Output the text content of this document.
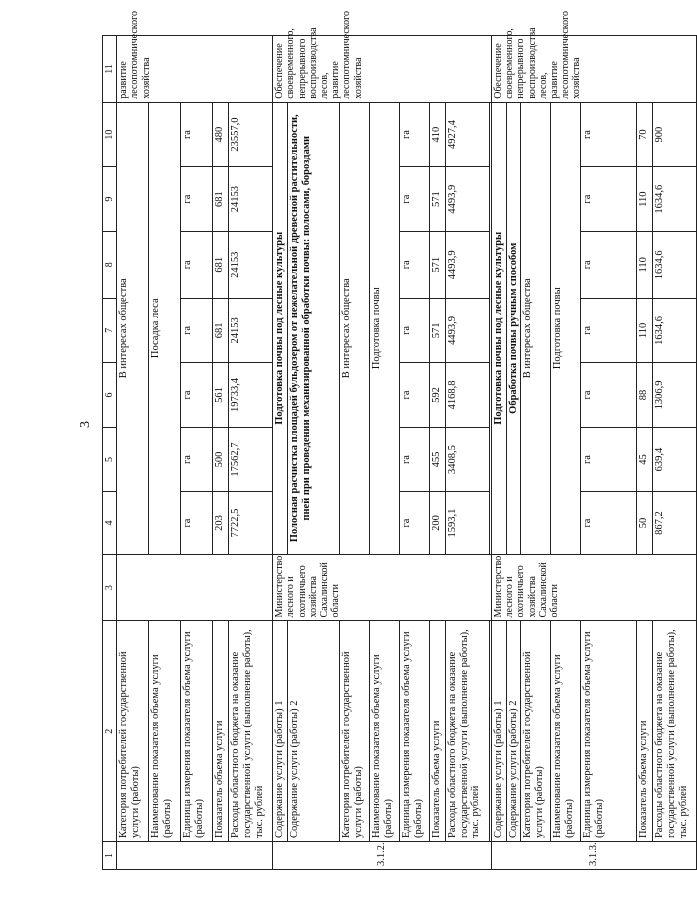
3
1	2	3	4	5	6	7	8	9	10	11
	Категория потребителей государственной услуги (работы)		В интересах общества							развитие лесопотомнического хозяйства
	Наименование показателя объема услуги (работы)		Посадка леса							
	Единица измерения показателя объема услуги (работы)		га	га	га	га	га	га	га	
	Показатель объема услуги		203	500	561	681	681	681	480	
	Расходы областного бюджета на оказание государственной услуги (выполнение работы), тыс. рублей		7722,5	17562,7	19733,4	24153	24153	24153	23557,0	
3.1.2.	Содержание услуги (работы) 1	Министерство лесного и охотничьего хозяйства Сахалинской области	Подготовка почвы под лесные культуры							Обеспечение своевременного, непрерывного воспроизводства лесов, развитие лесопотомнического хозяйства
	Содержание услуги (работы) 2		Полосная расчистка площадей бульдозером от нежелательной древесной растительности, пней при проведении механизированной обработки почвы: полосами, бороздами							
	Категория потребителей государственной услуги (работы)		В интересах общества							
	Наименование показателя объема услуги (работы)		Подготовка почвы							
	Единица измерения показателя объема услуги (работы)		га	га	га	га	га	га	га	
	Показатель объема услуги		200	455	592	571	571	571	410	
	Расходы областного бюджета на оказание государственной услуги (выполнение работы), тыс. рублей		1593,1	3408,5	4168,8	4493,9	4493,9	4493,9	4927,4	

3.1.3.	Содержание услуги (работы) 1	Министерство лесного и охотничьего хозяйства Сахалинской области	Подготовка почвы под лесные культуры							Обеспечение своевременного, непрерывного воспроизводства лесов, развитие лесопотомнического хозяйства
	Содержание услуги (работы) 2		Обработка почвы ручным способом							
	Категория потребителей государственной услуги (работы)		В интересах общества							
	Наименование показателя объема услуги (работы)		Подготовка почвы							
	Единица измерения показателя объема услуги (работы)		га	га	га	га	га	га	га	
	Показатель объема услуги		50	45	88	110	110	110	70	
	Расходы областного бюджета на оказание государственной услуги (выполнение работы), тыс. рублей		867,2	639,4	1306,9	1634,6	1634,6	1634,6	900	
